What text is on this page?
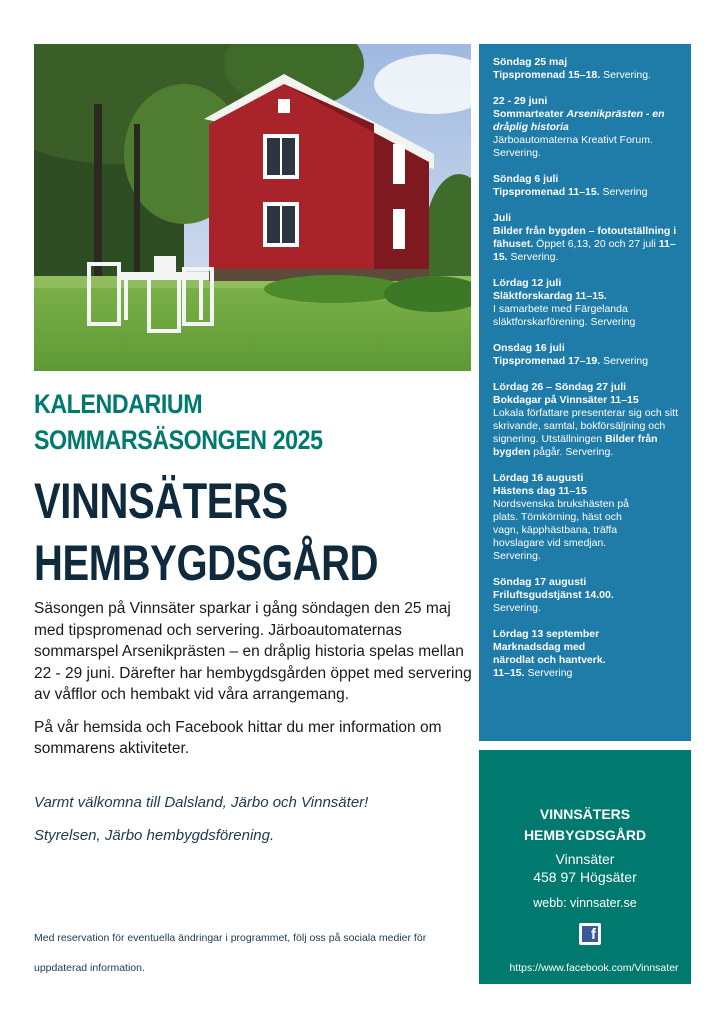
KALENDARIUM
SOMMARSÄSONGEN 2025
VINNSÄTERS
HEMBYGDSGÅRD

Säsongen på Vinnsäter sparkar i gång söndagen den 25 maj med tipspromenad och servering. Järboautomaternas sommarspel Arsenikprästen – en dråplig historia spelas mellan 22 - 29 juni. Därefter har hembygdsgården öppet med servering av våfflor och hembakt vid våra arrangemang.

På vår hemsida och Facebook hittar du mer information om sommarens aktiviteter.

Varmt välkomna till Dalsland, Järbo och Vinnsäter!

Styrelsen, Järbo hembygdsförening.

Med reservation för eventuella ändringar i programmet, följ oss på sociala medier för uppdaterad information.
Söndag 25 maj
Tipspromenad 15–18. Servering.
22 - 29 juni
Sommarteater Arsenikprästen - en dråplig historia
Järboautomaterna Kreativt Forum. Servering.
Söndag 6 juli
Tipspromenad 11–15. Servering
Juli
Bilder från bygden – fotoutställning i fähuset. Öppet 6,13, 20 och 27 juli 11–15. Servering.
Lördag 12 juli
Släktforskardag 11–15.
I samarbete med Färgelanda släktforskarförening. Servering
Onsdag 16 juli
Tipspromenad 17–19. Servering
Lördag 26 – Söndag 27 juli
Bokdagar på Vinnsäter 11–15
Lokala författare presenterar sig och sitt skrivande, samtal, bokförsäljning och signering. Utställningen Bilder från bygden pågår. Servering.
Lördag 16 augusti
Hästens dag 11–15
Nordsvenska brukshästen på plats. Tömkörning, häst och vagn, käpphästbana, träffa hovslagare vid smedjan. Servering.
Söndag 17 augusti
Friluftsgudstjänst 14.00.
Servering.
Lördag 13 september
Marknadsdag med närodlat och hantverk.
11–15. Servering
VINNSÄTERS
HEMBYGDSGÅRD
Vinnsäter
458 97 Högsäter
webb: vinnsater.se
f
https://www.facebook.com/Vinnsater
